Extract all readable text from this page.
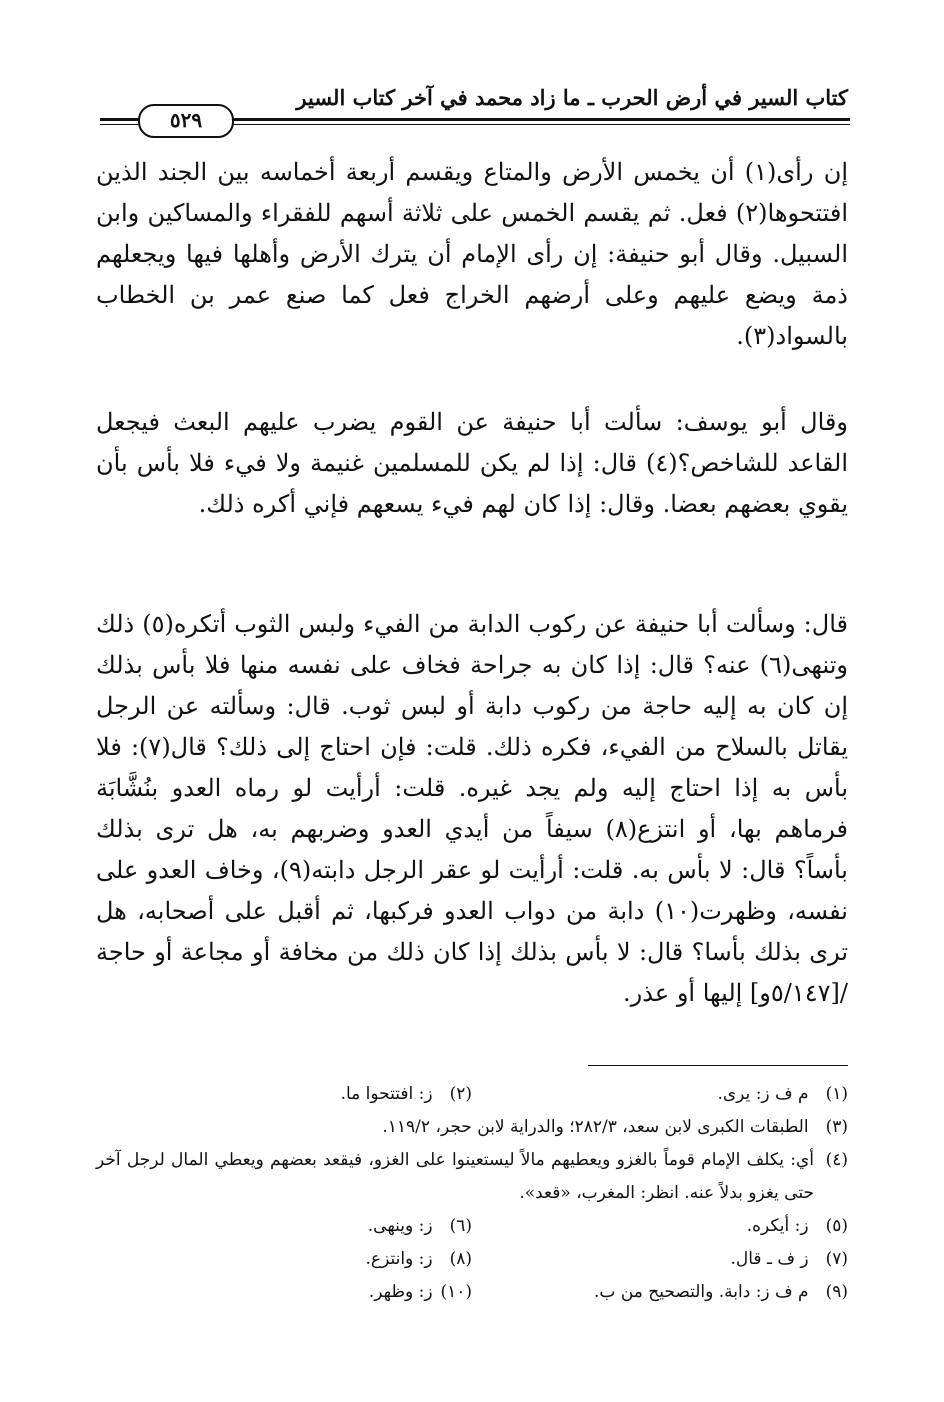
كتاب السير في أرض الحرب ـ ما زاد محمد في آخر كتاب السير
٥٢٩
إن رأى(١) أن يخمس الأرض والمتاع ويقسم أربعة أخماسه بين الجند الذين افتتحوها(٢) فعل. ثم يقسم الخمس على ثلاثة أسهم للفقراء والمساكين وابن السبيل. وقال أبو حنيفة: إن رأى الإمام أن يترك الأرض وأهلها فيها ويجعلهم ذمة ويضع عليهم وعلى أرضهم الخراج فعل كما صنع عمر بن الخطاب بالسواد(٣).
وقال أبو يوسف: سألت أبا حنيفة عن القوم يضرب عليهم البعث فيجعل القاعد للشاخص؟(٤) قال: إذا لم يكن للمسلمين غنيمة ولا فيء فلا بأس بأن يقوي بعضهم بعضا. وقال: إذا كان لهم فيء يسعهم فإني أكره ذلك.
قال: وسألت أبا حنيفة عن ركوب الدابة من الفيء ولبس الثوب أتكره(٥) ذلك وتنهى(٦) عنه؟ قال: إذا كان به جراحة فخاف على نفسه منها فلا بأس بذلك إن كان به إليه حاجة من ركوب دابة أو لبس ثوب. قال: وسألته عن الرجل يقاتل بالسلاح من الفيء، فكره ذلك. قلت: فإن احتاج إلى ذلك؟ قال(٧): فلا بأس به إذا احتاج إليه ولم يجد غيره. قلت: أرأيت لو رماه العدو بنُشَّابَة فرماهم بها، أو انتزع(٨) سيفاً من أيدي العدو وضربهم به، هل ترى بذلك بأساً؟ قال: لا بأس به. قلت: أرأيت لو عقر الرجل دابته(٩)، وخاف العدو على نفسه، وظهرت(١٠) دابة من دواب العدو فركبها، ثم أقبل على أصحابه، هل ترى بذلك بأسا؟ قال: لا بأس بذلك إذا كان ذلك من مخافة أو مجاعة أو حاجة /[٥/١٤٧و] إليها أو عذر.
(١) م ف ز: يرى.
(٢) ز: افتتحوا ما.
(٣) الطبقات الكبرى لابن سعد، ٢٨٢/٣؛ والدراية لابن حجر، ١١٩/٢.
(٤)
أي: يكلف الإمام قوماً بالغزو ويعطيهم مالاً ليستعينوا على الغزو، فيقعد بعضهم ويعطي المال لرجل آخر حتى يغزو بدلاً عنه. انظر: المغرب، «قعد».
(٥) ز: أيكره.
(٦) ز: وينهى.
(٧) ز ف ـ قال.
(٨) ز: وانتزع.
(٩) م ف ز: دابة. والتصحيح من ب.
(١٠) ز: وظهر.
